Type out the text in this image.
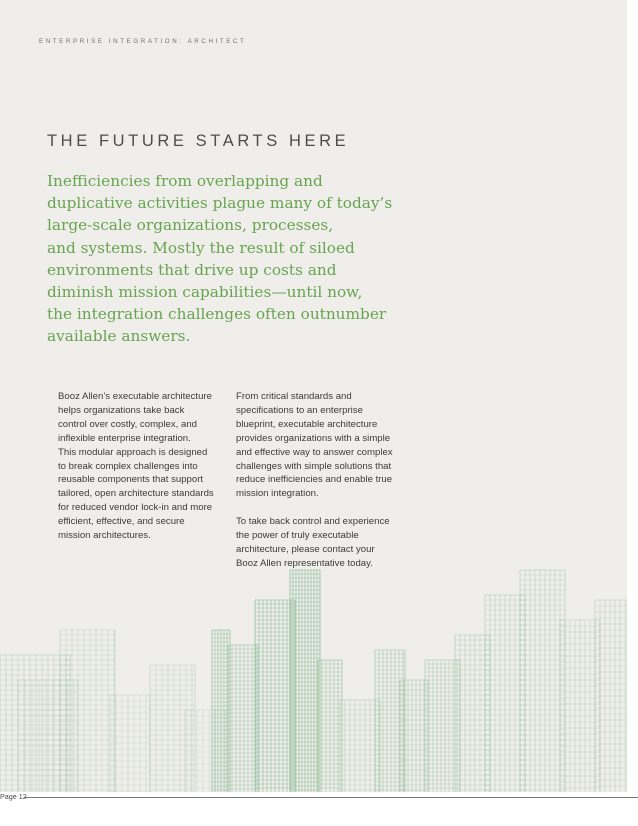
ENTERPRISE INTEGRATION: ARCHITECT
THE FUTURE STARTS HERE

Inefficiencies from overlapping and
duplicative activities plague many of today’s
large-scale organizations, processes,
and systems. Mostly the result of siloed
environments that drive up costs and
diminish mission capabilities—until now,
the integration challenges often outnumber
available answers.

Booz Allen’s executable architecture
helps organizations take back
control over costly, complex, and
inflexible enterprise integration.
This modular approach is designed
to break complex challenges into
reusable components that support
tailored, open architecture standards
for reduced vendor lock-in and more
efficient, effective, and secure
mission architectures.

From critical standards and
specifications to an enterprise
blueprint, executable architecture
provides organizations with a simple
and effective way to answer complex
challenges with simple solutions that
reduce inefficiencies and enable true
mission integration.
To take back control and experience
the power of truly executable
architecture, please contact your
Booz Allen representative today.

Page 12
